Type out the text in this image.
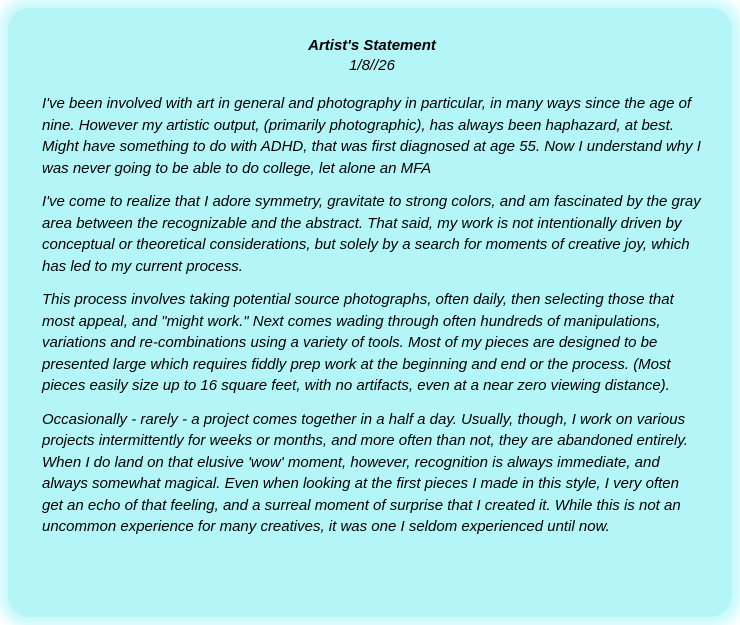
Artist's Statement

1/8//26

I've been involved with art in general and photography in particular, in many ways since the age of nine. However my artistic output, (primarily photographic), has always been haphazard, at best. Might have something to do with ADHD, that was first diagnosed at age 55. Now I understand why I was never going to be able to do college, let alone an MFA

I've come to realize that I adore symmetry, gravitate to strong colors, and am fascinated by the gray area between the recognizable and the abstract. That said, my work is not intentionally driven by conceptual or theoretical considerations, but solely by a search for moments of creative joy, which has led to my current process.

This process involves taking potential source photographs, often daily, then selecting those that most appeal, and "might work." Next comes wading through often hundreds of manipulations, variations and re-combinations using a variety of tools. Most of my pieces are designed to be presented large which requires fiddly prep work at the beginning and end or the process. (Most pieces easily size up to 16 square feet, with no artifacts, even at a near zero viewing distance).

Occasionally - rarely - a project comes together in a half a day. Usually, though, I work on various projects intermittently for weeks or months, and more often than not, they are abandoned entirely. When I do land on that elusive 'wow' moment, however, recognition is always immediate, and always somewhat magical. Even when looking at the first pieces I made in this style, I very often get an echo of that feeling, and a surreal moment of surprise that I created it. While this is not an uncommon experience for many creatives, it was one I seldom experienced until now.
